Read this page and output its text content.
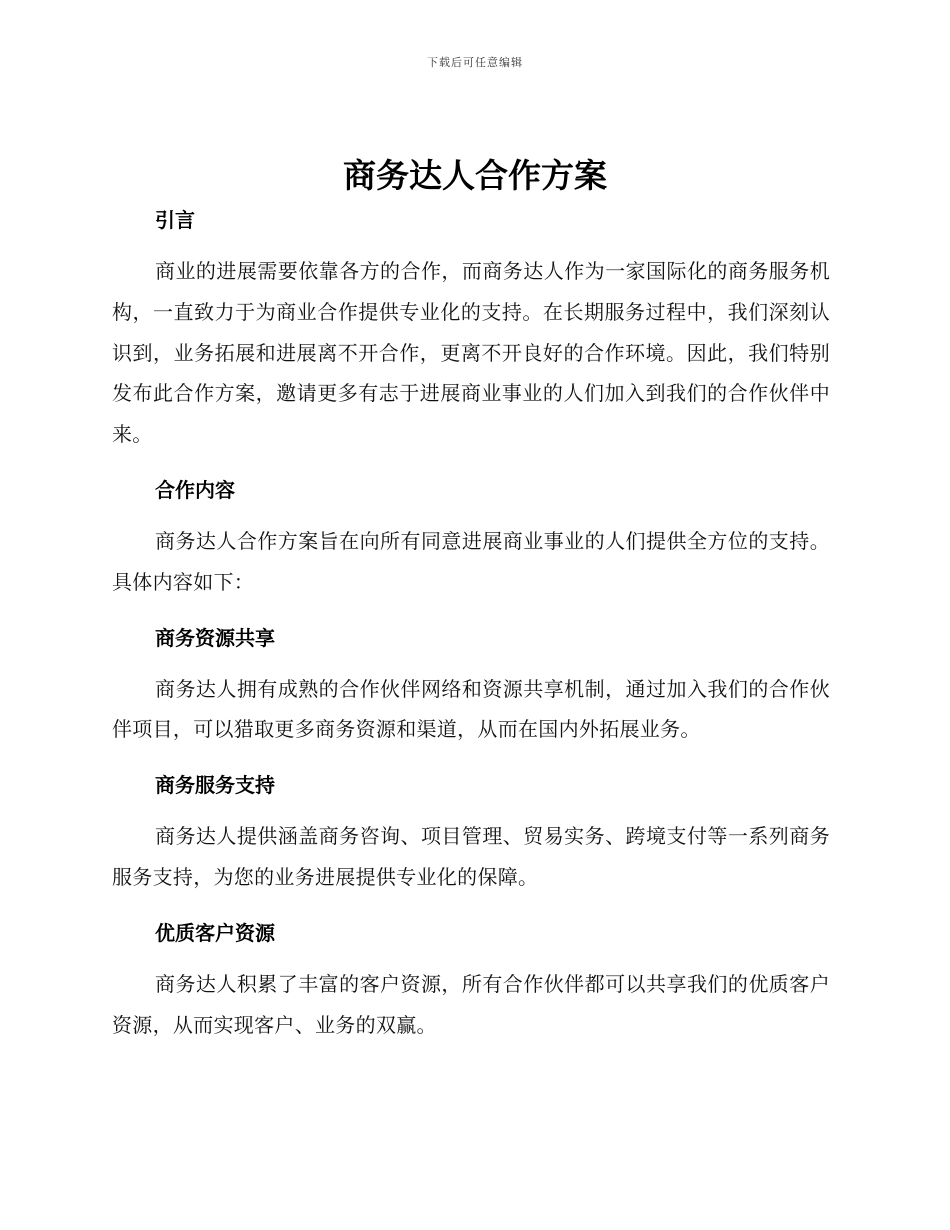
下载后可任意编辑
商务达人合作方案
引言

商业的进展需要依靠各方的合作，而商务达人作为一家国际化的商务服务机构，一直致力于为商业合作提供专业化的支持。在长期服务过程中，我们深刻认识到，业务拓展和进展离不开合作，更离不开良好的合作环境。因此，我们特别发布此合作方案，邀请更多有志于进展商业事业的人们加入到我们的合作伙伴中来。

合作内容

商务达人合作方案旨在向所有同意进展商业事业的人们提供全方位的支持。具体内容如下：

商务资源共享

商务达人拥有成熟的合作伙伴网络和资源共享机制，通过加入我们的合作伙伴项目，可以猎取更多商务资源和渠道，从而在国内外拓展业务。

商务服务支持

商务达人提供涵盖商务咨询、项目管理、贸易实务、跨境支付等一系列商务服务支持，为您的业务进展提供专业化的保障。

优质客户资源

商务达人积累了丰富的客户资源，所有合作伙伴都可以共享我们的优质客户资源，从而实现客户、业务的双赢。
